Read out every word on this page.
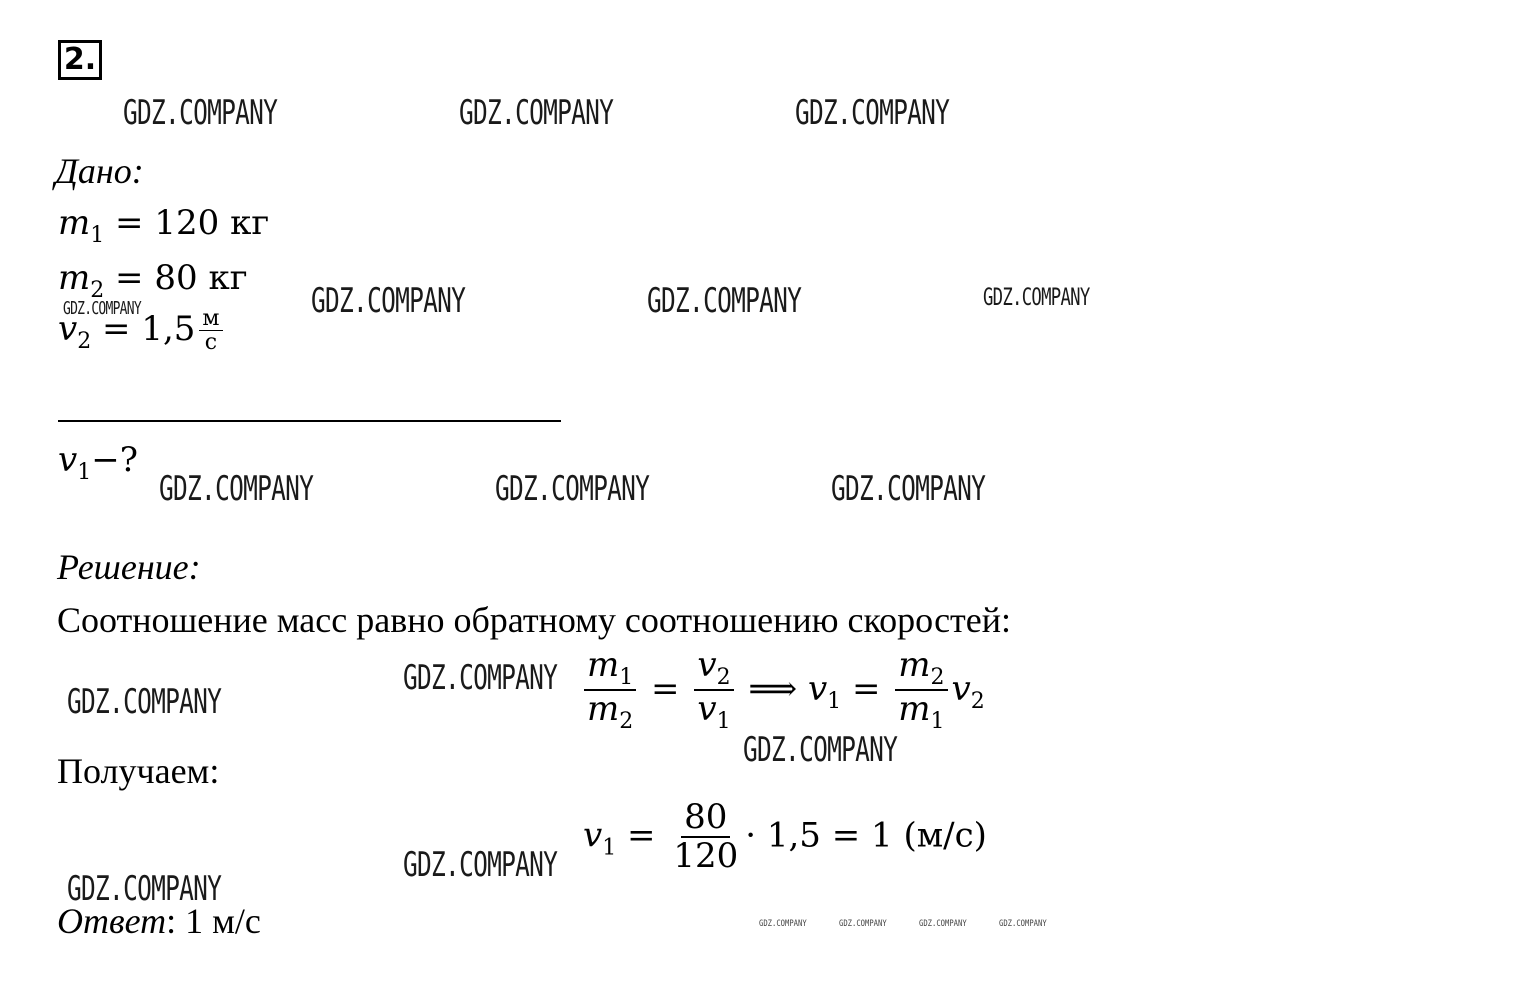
2.
Дано:
$m_1 = 120$ кг
$m_2 = 80$ кг
$v_2 = 1,5 \frac{м}{с}$
$v_1-$?
Решение:
Соотношение масс равно обратному соотношению скоростей:
$\frac{m_1}{m_2} = \frac{v_2}{v_1}$ ⟹ $v_1 = \frac{m_2}{m_1} v_2$
Получаем:
$v_1 = \frac{80}{120} \cdot 1,5 = 1$ (м/с)
Ответ: 1 м/с
GDZ.COMPANY	GDZ.COMPANY	GDZ.COMPANY
GDZ.COMPANY	GDZ.COMPANY	GDZ.COMPANY
GDZ.COMPANY
GDZ.COMPANY	GDZ.COMPANY	GDZ.COMPANY
GDZ.COMPANY
GDZ.COMPANY
GDZ.COMPANY
GDZ.COMPANY
GDZ.COMPANY
GDZ.COMPANY	GDZ.COMPANY	GDZ.COMPANY	GDZ.COMPANY
